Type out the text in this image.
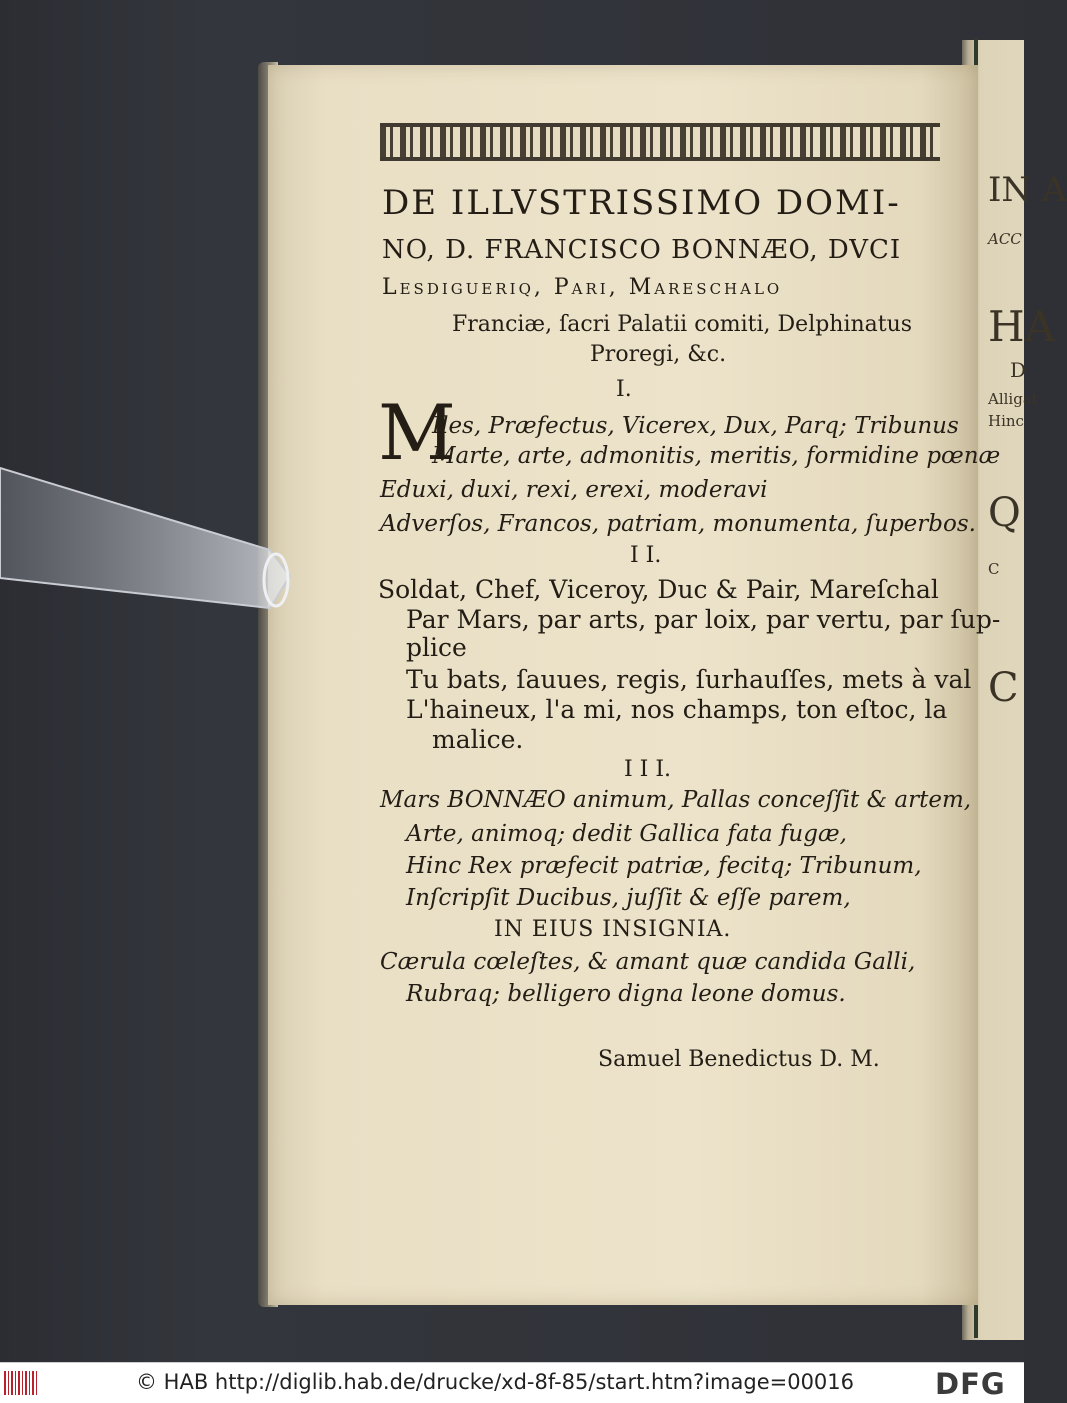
IN A
ACC
HA
D
Alligat
Hinc
Q
C
C
DE ILLVSTRISSIMO DOMI-
NO, D. FRANCISCO BONNÆO, DVCI
Lesdigueriq, Pari, Mareschalo
Franciæ, ſacri Palatii comiti, Delphinatus
Proregi, &c.
I.
M
Iles, Præfectus, Vicerex, Dux, Parq; Tribunus
Marte, arte, admonitis, meritis, formidine pœnæ
Eduxi, duxi, rexi, erexi, moderavi
Adverſos, Francos, patriam, monumenta, ſuperbos.
I I.
Soldat, Chef, Viceroy, Duc & Pair, Mareſchal
Par Mars, par arts, par loix, par vertu, par ſup-
plice
Tu bats, ſauues, regis, ſurhauſſes, mets à val
L'haineux, l'a mi, nos champs, ton eſtoc, la
malice.
I I I.
Mars BONNÆO animum, Pallas conceſſit & artem,
Arte, animoq; dedit Gallica fata fugæ,
Hinc Rex præfecit patriæ, fecitq; Tribunum,
Inſcripſit Ducibus, juſſit & eſſe parem,
IN EIUS INSIGNIA.
Cærula cœleſtes, & amant quæ candida Galli,
Rubraq; belligero digna leone domus.
Samuel Benedictus D. M.
© HAB http://diglib.hab.de/drucke/xd-8f-85/start.htm?image=00016	DFG
